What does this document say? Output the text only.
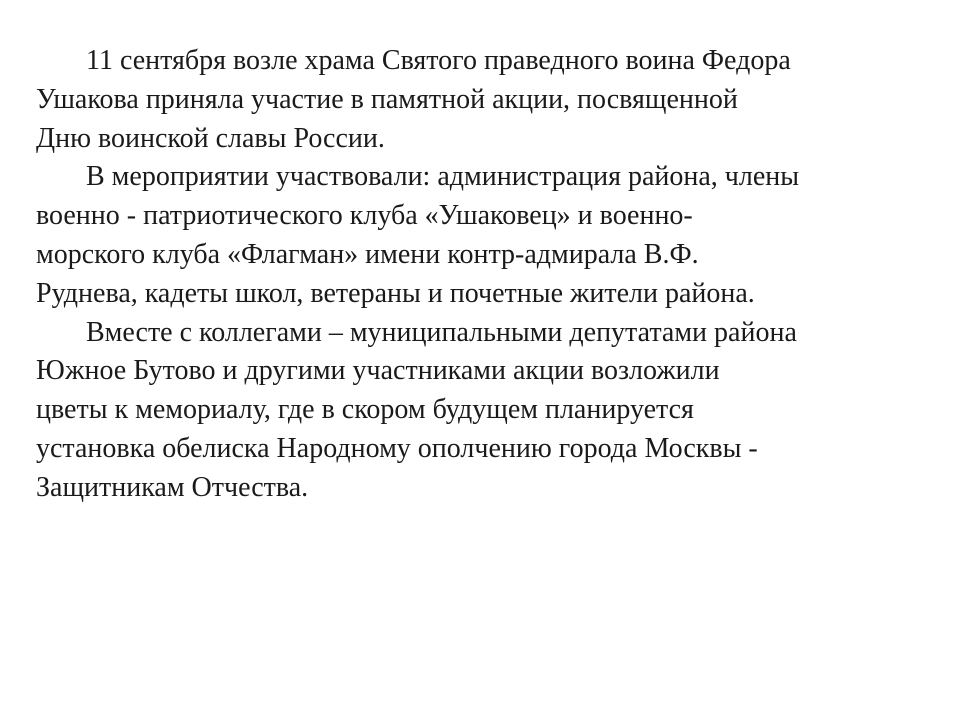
11 сентября возле храма Святого праведного воина Федора
Ушакова приняла участие в памятной акции, посвященной
Дню воинской славы России.
В мероприятии участвовали: администрация района, члены
военно - патриотического клуба «Ушаковец» и военно-
морского клуба «Флагман» имени контр-адмирала В.Ф.
Руднева, кадеты школ, ветераны и почетные жители района.
Вместе с коллегами – муниципальными депутатами района
Южное Бутово и другими участниками акции возложили
цветы к мемориалу, где в скором будущем планируется
установка обелиска Народному ополчению города Москвы -
Защитникам Отчества.
